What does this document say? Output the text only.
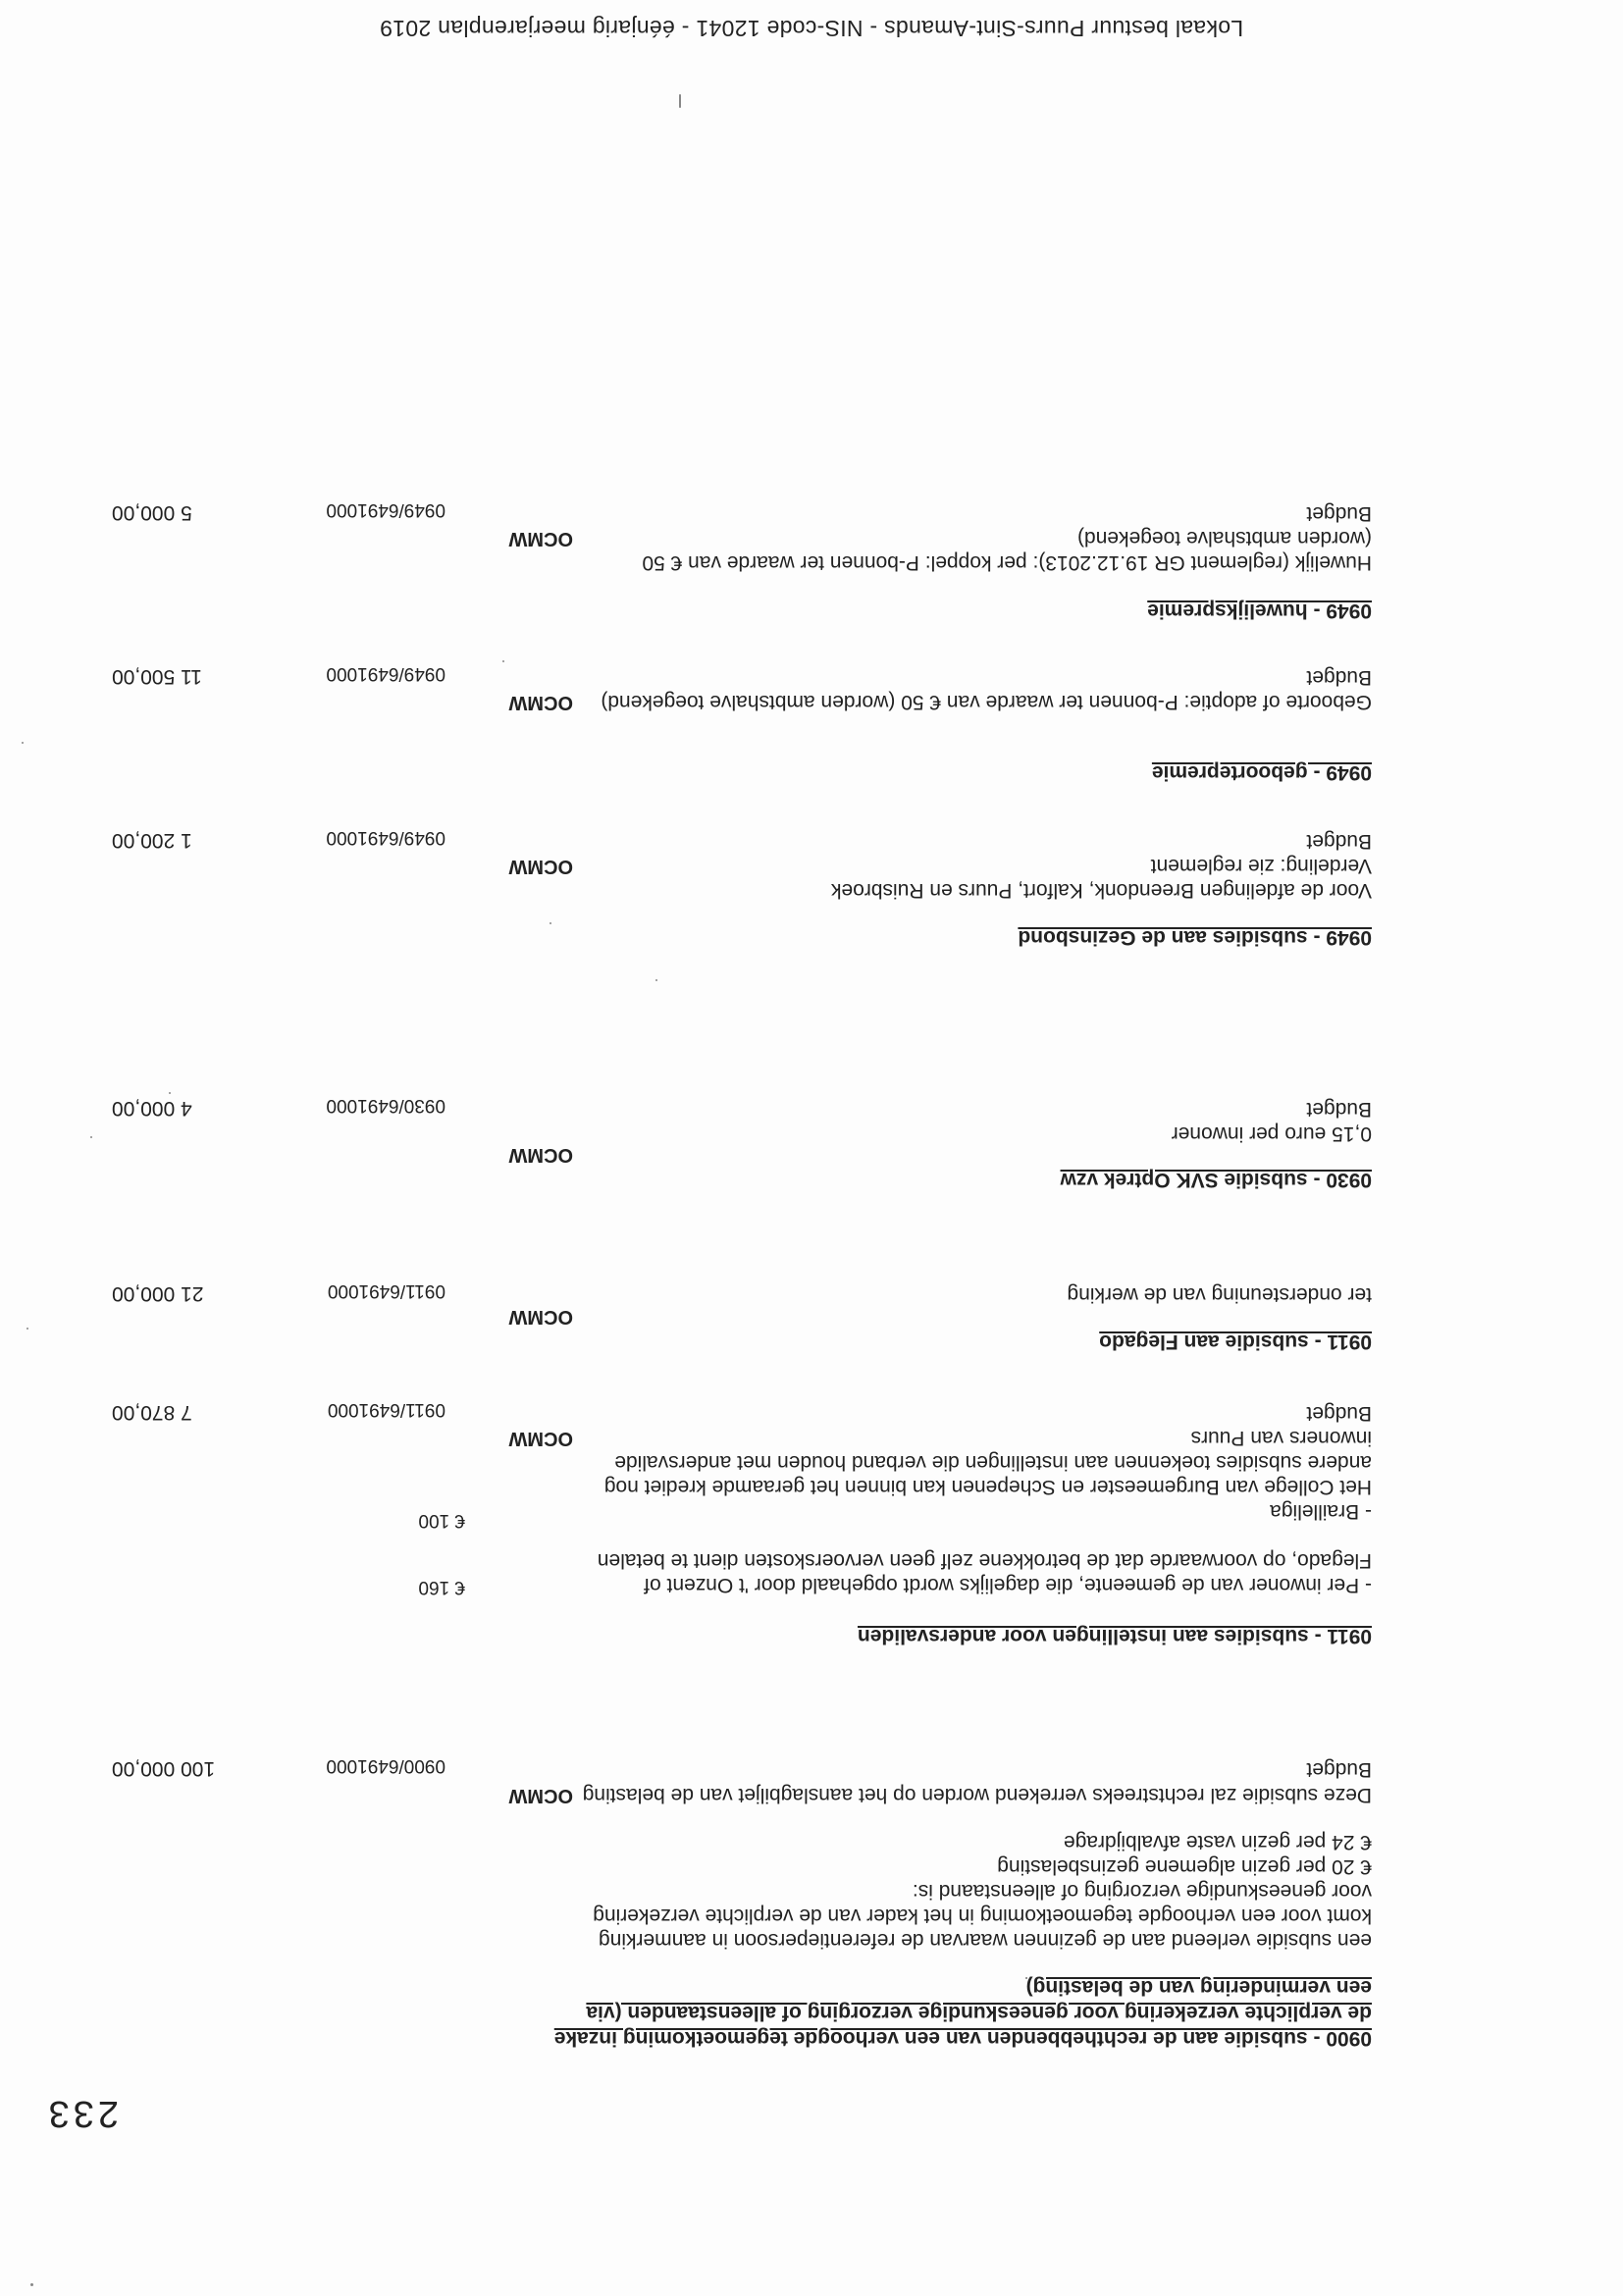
Lokaal bestuur Puurs-Sint-Amands - NIS-code 12041 - éénjarig meerjarenplan 2019
233
0900 - subsidie aan de rechthebbenden van een verhoogde tegemoetkoming inzake
de verplichte verzekering voor geneeskundige verzorging of alleenstaanden (via
een vermindering van de belasting)
een subsidie verleend aan de gezinnen waarvan de referentiepersoon in aanmerking
komt voor een verhoogde tegemoetkoming in het kader van de verplichte verzekering
voor geneeskundige verzorging of alleenstaand is:
€ 20 per gezin algemene gezinsbelasting
€ 24 per gezin vaste afvalbijdrage
Deze subsidie zal rechtstreeks verrekend worden op het aanslagbiljet van de belasting
OCMW
Budget
0900/6491000
100 000,00
0911 - subsidies aan instellingen voor andersvaliden
- Per inwoner van de gemeente, die dagelijks wordt opgehaald door 't Onzent of
€ 160
Flegado, op voorwaarde dat de betrokkene zelf geen vervoerskosten dient te betalen
- Brailleliga
€ 100
Het College van Burgemeester en Schepenen kan binnen het geraamde krediet nog
andere subsidies toekennen aan instellingen die verband houden met andersvalide
inwoners van Puurs
OCMW
Budget
0911/6491000
7 870,00
0911 - subsidie aan Flegado
OCMW
ter ondersteuning van de werking
0911/6491000
21 000,00
0930 - subsidie SVK Optrek vzw
OCMW
0,15 euro per inwoner
Budget
0930/6491000
4 000,00
0949 - subsidies aan de Gezinsbond
Voor de afdelingen Breendonk, Kalfort, Puurs en Ruisbroek
Verdeling: zie reglement
OCMW
Budget
0949/6491000
1 200,00
0949 - geboortepremie
Geboorte of adoptie: P-bonnen ter waarde van € 50 (worden ambtshalve toegekend)
OCMW
Budget
0949/6491000
11 500,00
0949 - huwelijkspremie
Huwelijk (reglement GR 19.12.2013): per koppel: P-bonnen ter waarde van € 50
(worden ambtshalve toegekend)
OCMW
Budget
0949/6491000
5 000,00
